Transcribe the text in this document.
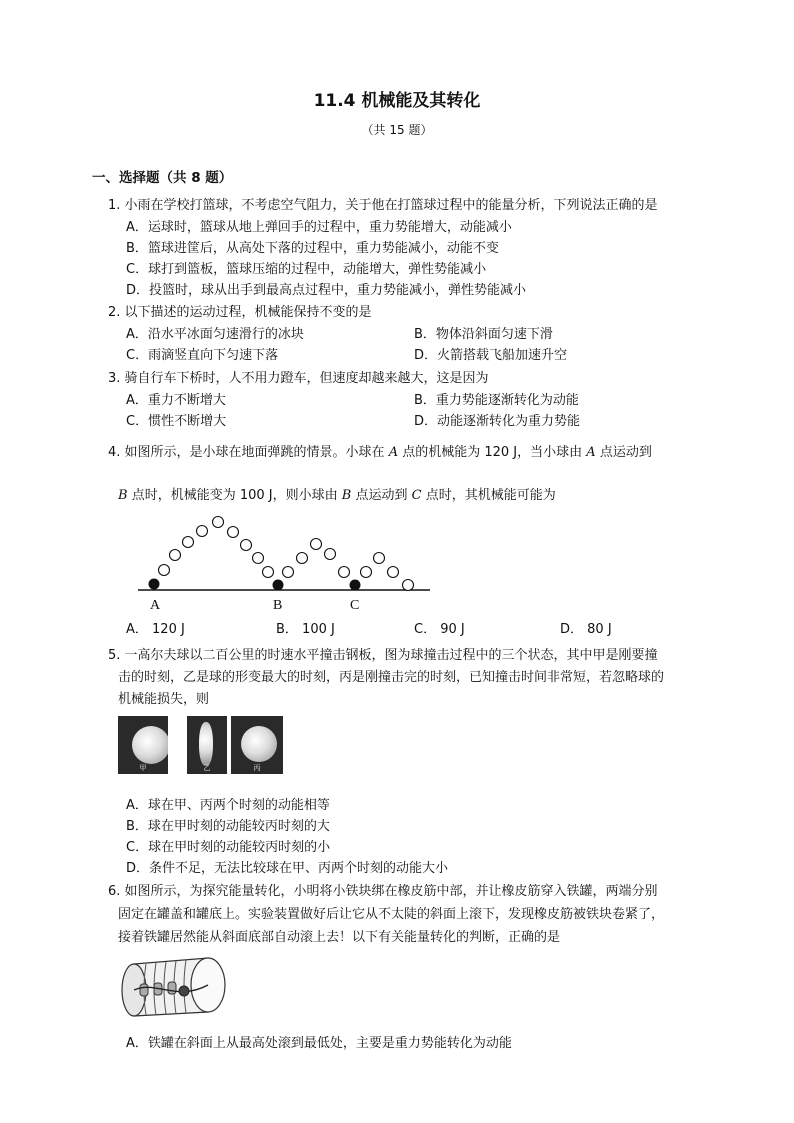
11.4 机械能及其转化
（共 15 题）
一、选择题（共 8 题）
1. 小雨在学校打篮球，不考虑空气阻力，关于他在打篮球过程中的能量分析，下列说法正确的是
A．运球时，篮球从地上弹回手的过程中，重力势能增大，动能减小
B．篮球进筐后，从高处下落的过程中，重力势能减小，动能不变
C．球打到篮板，篮球压缩的过程中，动能增大，弹性势能减小
D．投篮时，球从出手到最高点过程中，重力势能减小，弹性势能减小
2. 以下描述的运动过程，机械能保持不变的是
A．沿水平冰面匀速滑行的冰块	B．物体沿斜面匀速下滑
C．雨滴竖直向下匀速下落	D．火箭搭载飞船加速升空
3. 骑自行车下桥时，人不用力蹬车，但速度却越来越大，这是因为
A．重力不断增大	B．重力势能逐渐转化为动能
C．惯性不断增大	D．动能逐渐转化为重力势能
4. 如图所示，是小球在地面弹跳的情景。小球在 A 点的机械能为 120 J，当小球由 A 点运动到
B 点时，机械能变为 100 J，则小球由 B 点运动到 C 点时，其机械能可能为
A	B	C
A． 120 J	B． 100 J	C． 90 J	D． 80 J
5. 一高尔夫球以二百公里的时速水平撞击钢板，图为球撞击过程中的三个状态，其中甲是刚要撞
击的时刻，乙是球的形变最大的时刻，丙是刚撞击完的时刻，已知撞击时间非常短，若忽略球的
机械能损失，则
甲	乙	丙
A．球在甲、丙两个时刻的动能相等
B．球在甲时刻的动能较丙时刻的大
C．球在甲时刻的动能较丙时刻的小
D．条件不足，无法比较球在甲、丙两个时刻的动能大小
6. 如图所示，为探究能量转化，小明将小铁块绑在橡皮筋中部，并让橡皮筋穿入铁罐，两端分别
固定在罐盖和罐底上。实验装置做好后让它从不太陡的斜面上滚下，发现橡皮筋被铁块卷紧了，
接着铁罐居然能从斜面底部自动滚上去！以下有关能量转化的判断，正确的是
A．铁罐在斜面上从最高处滚到最低处，主要是重力势能转化为动能
